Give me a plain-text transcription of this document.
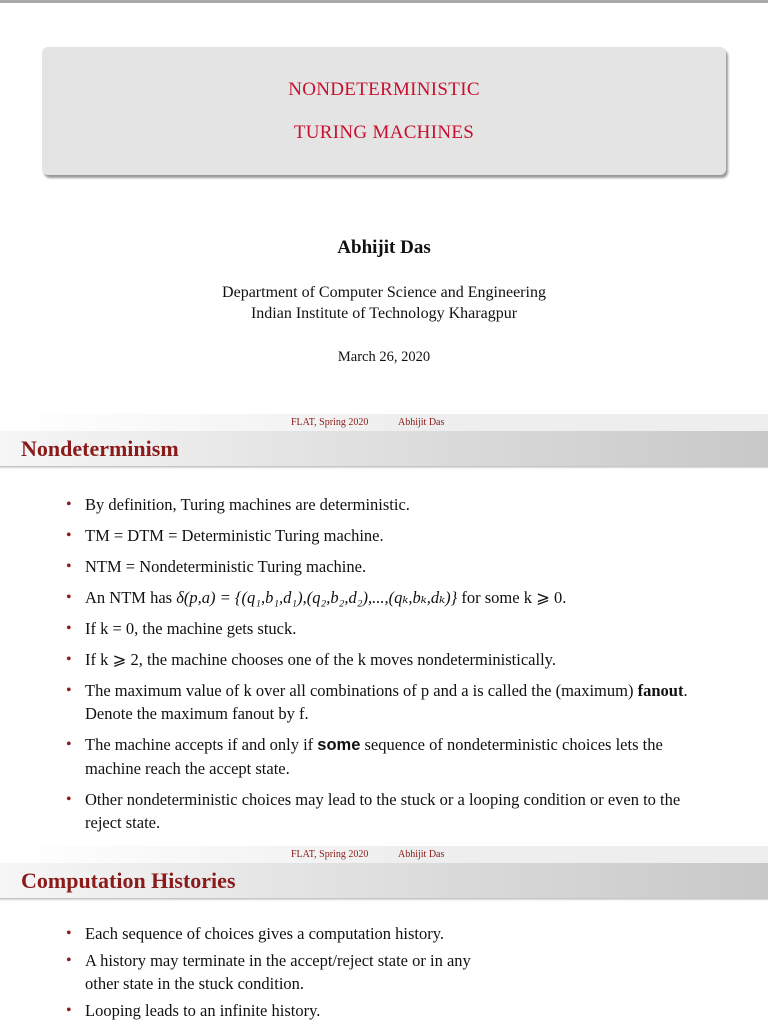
NONDETERMINISTIC
TURING MACHINES
Abhijit Das
Department of Computer Science and Engineering
Indian Institute of Technology Kharagpur
March 26, 2020
FLAT, Spring 2020	Abhijit Das
Nondeterminism
• By definition, Turing machines are deterministic.
• TM = DTM = Deterministic Turing machine.
• NTM = Nondeterministic Turing machine.
• An NTM has δ(p,a) = {(q₁,b₁,d₁),(q₂,b₂,d₂),...,(qₖ,bₖ,dₖ)} for some k ⩾ 0.
• If k = 0, the machine gets stuck.
• If k ⩾ 2, the machine chooses one of the k moves nondeterministically.
• The maximum value of k over all combinations of p and a is called the (maximum) fanout. Denote the maximum fanout by f.
• The machine accepts if and only if some sequence of nondeterministic choices lets the machine reach the accept state.
• Other nondeterministic choices may lead to the stuck or a looping condition or even to the reject state.
FLAT, Spring 2020	Abhijit Das
Computation Histories
• Each sequence of choices gives a computation history.
• A history may terminate in the accept/reject state or in any other state in the stuck condition.
• Looping leads to an infinite history.
